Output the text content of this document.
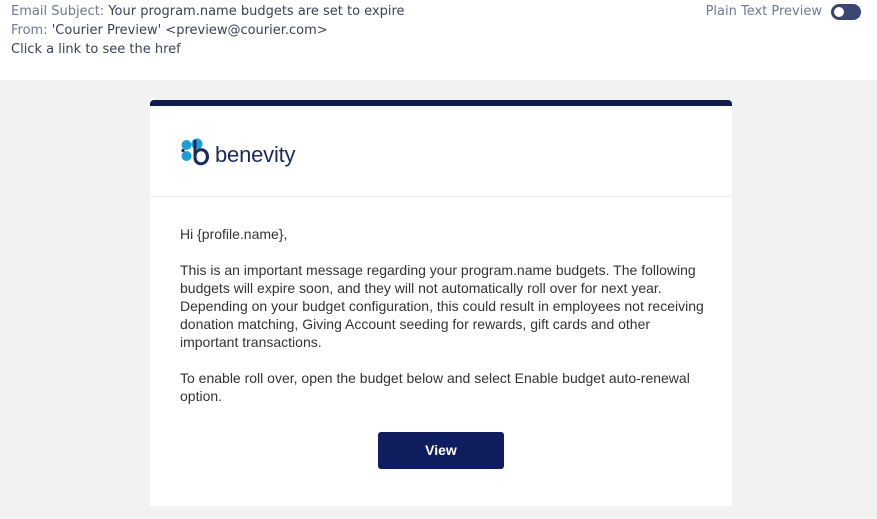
Email Subject: Your program.name budgets are set to expire
From: 'Courier Preview' <preview@courier.com>
Click a link to see the href
Plain Text Preview
benevity

Hi {profile.name},

This is an important message regarding your program.name budgets. The following budgets will expire soon, and they will not automatically roll over for next year. Depending on your budget configuration, this could result in employees not receiving donation matching, Giving Account seeding for rewards, gift cards and other important transactions.

To enable roll over, open the budget below and select Enable budget auto-renewal option.

View Budgets
